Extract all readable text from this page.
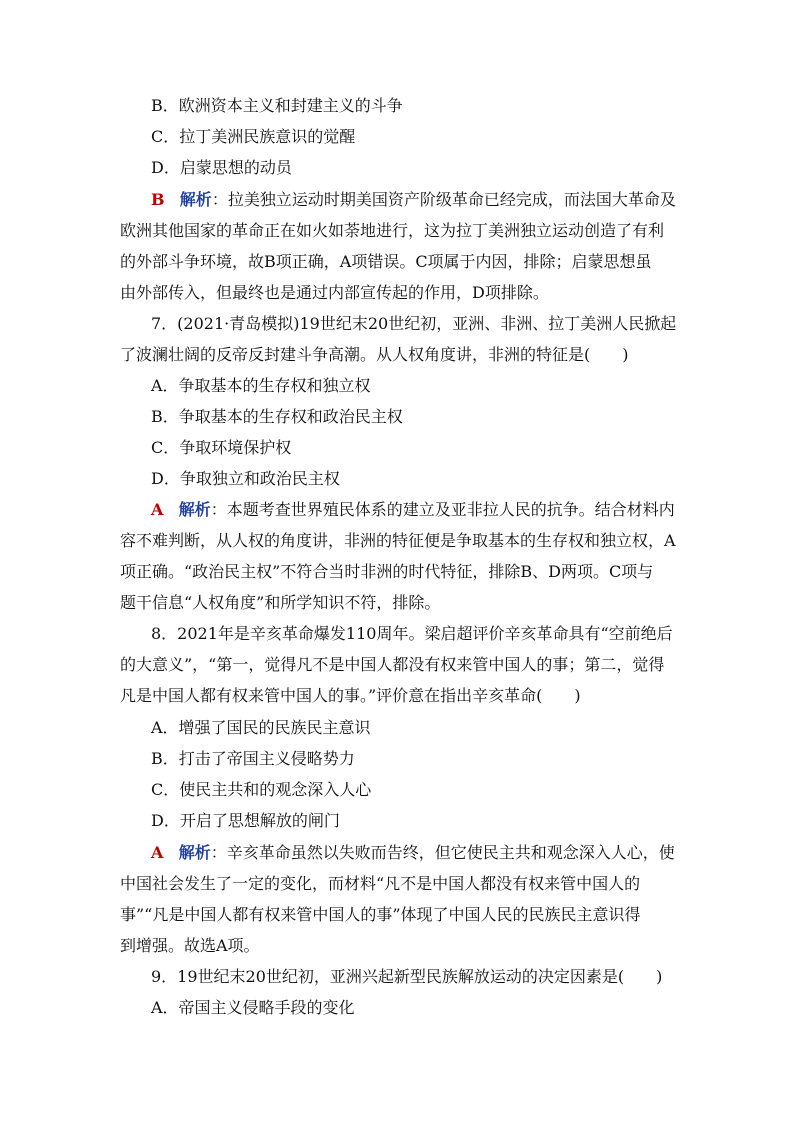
B．欧洲资本主义和封建主义的斗争
C．拉丁美洲民族意识的觉醒
D．启蒙思想的动员
B 解析：拉美独立运动时期美国资产阶级革命已经完成，而法国大革命及
欧洲其他国家的革命正在如火如荼地进行，这为拉丁美洲独立运动创造了有利
的外部斗争环境，故B项正确，A项错误。C项属于内因，排除；启蒙思想虽
由外部传入，但最终也是通过内部宣传起的作用，D项排除。
7．(2021·青岛模拟)19世纪末20世纪初，亚洲、非洲、拉丁美洲人民掀起
了波澜壮阔的反帝反封建斗争高潮。从人权角度讲，非洲的特征是(　　)
A．争取基本的生存权和独立权
B．争取基本的生存权和政治民主权
C．争取环境保护权
D．争取独立和政治民主权
A 解析：本题考查世界殖民体系的建立及亚非拉人民的抗争。结合材料内
容不难判断，从人权的角度讲，非洲的特征便是争取基本的生存权和独立权，A
项正确。“政治民主权”不符合当时非洲的时代特征，排除B、D两项。C项与
题干信息“人权角度”和所学知识不符，排除。
8．2021年是辛亥革命爆发110周年。梁启超评价辛亥革命具有“空前绝后
的大意义”，“第一，觉得凡不是中国人都没有权来管中国人的事；第二，觉得
凡是中国人都有权来管中国人的事。”评价意在指出辛亥革命(　　)
A．增强了国民的民族民主意识
B．打击了帝国主义侵略势力
C．使民主共和的观念深入人心
D．开启了思想解放的闸门
A 解析：辛亥革命虽然以失败而告终，但它使民主共和观念深入人心，使
中国社会发生了一定的变化，而材料“凡不是中国人都没有权来管中国人的
事”“凡是中国人都有权来管中国人的事”体现了中国人民的民族民主意识得
到增强。故选A项。
9．19世纪末20世纪初，亚洲兴起新型民族解放运动的决定因素是(　　)
A．帝国主义侵略手段的变化
